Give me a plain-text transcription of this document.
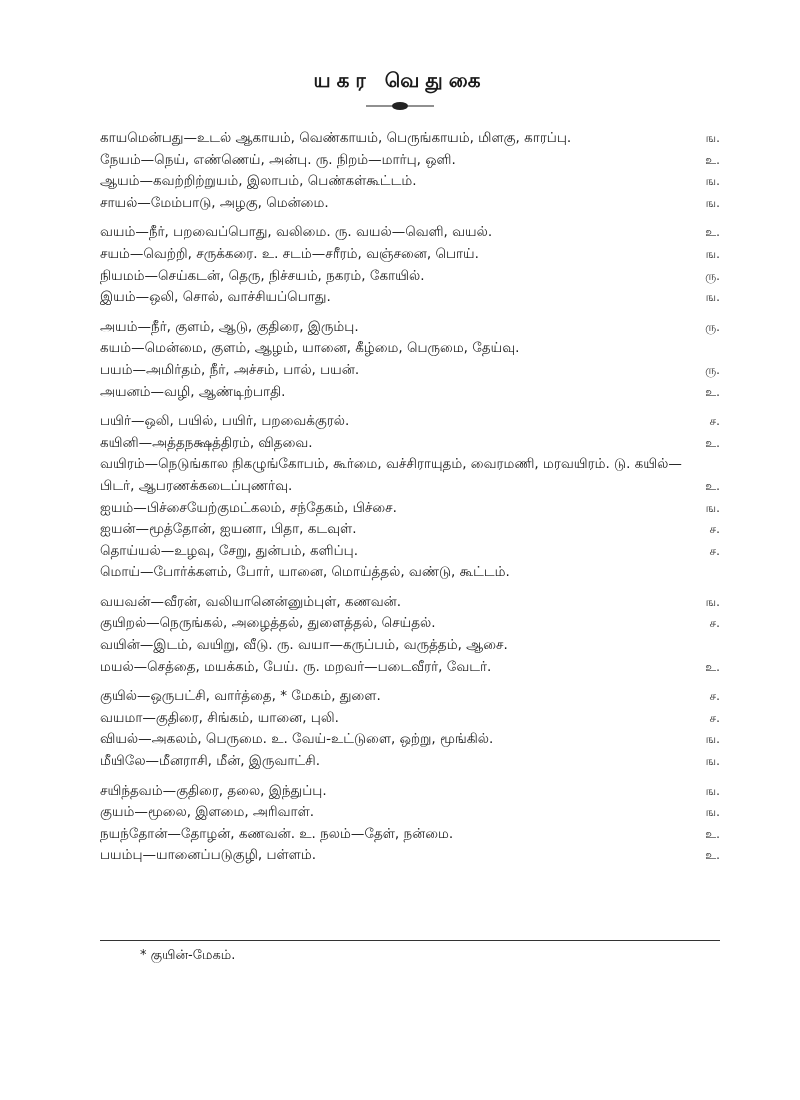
யகர வெதுகை
காயமென்பது—உடல் ஆகாயம், வெண்காயம், பெருங்காயம், மிளகு, காரப்பு.	ங.
நேயம்—நெய், எண்ணெய், அன்பு. ரு. நிறம்—மார்பு, ஒளி.	உ.
ஆயம்—கவற்றிற்றுயம், இலாபம், பெண்கள்கூட்டம்.	ங.
சாயல்—மேம்பாடு, அழகு, மென்மை.	ங.
வயம்—நீர், பறவைப்பொது, வலிமை. ரு. வயல்—வெளி, வயல்.	உ.
சயம்—வெற்றி, சருக்கரை. உ. சடம்—சரீரம், வஞ்சனை, பொய்.	ங.
நியமம்—செய்கடன், தெரு, நிச்சயம், நகரம், கோயில்.	ரு.
இயம்—ஒலி, சொல், வாச்சியப்பொது.	ங.
அயம்—நீர், குளம், ஆடு, குதிரை, இரும்பு.	ரு.
கயம்—மென்மை, குளம், ஆழம், யானை, கீழ்மை, பெருமை, தேய்வு.
பயம்—அமிர்தம், நீர், அச்சம், பால், பயன்.	ரு.
அயனம்—வழி, ஆண்டிற்பாதி.	உ.
பயிர்—ஒலி, பயில், பயிர், பறவைக்குரல்.	ச.
கயினி—அத்தநக்ஷத்திரம், விதவை.	உ.
வயிரம்—நெடுங்கால நிகழுங்கோபம், கூர்மை, வச்சிராயுதம், வைரமணி, மரவயிரம். டு. கயில்—பிடர், ஆபரணக்கடைப்புணர்வு.	உ.
ஐயம்—பிச்சையேற்குமட்கலம், சந்தேகம், பிச்சை.	ங.
ஐயன்—மூத்தோன், ஐயனா, பிதா, கடவுள்.	ச.
தொய்யல்—உழவு, சேறு, துன்பம், களிப்பு.	ச.
மொய்—போர்க்களம், போர், யானை, மொய்த்தல், வண்டு, கூட்டம்.
வயவன்—வீரன், வலியானென்னும்புள், கணவன்.	ங.
குயிறல்—நெருங்கல், அழைத்தல், துளைத்தல், செய்தல்.	ச.
வயின்—இடம், வயிறு, வீடு. ரு. வயா—கருப்பம், வருத்தம், ஆசை.
மயல்—செத்தை, மயக்கம், பேய். ரு. மறவர்—படைவீரர், வேடர்.	உ.
குயில்—ஒருபட்சி, வார்த்தை, * மேகம், துளை.	ச.
வயமா—குதிரை, சிங்கம், யானை, புலி.	ச.
வியல்—அகலம், பெருமை. உ. வேய்-உட்டுளை, ஒற்று, மூங்கில்.	ங.
மீயிலே—மீனராசி, மீன், இருவாட்சி.	ங.
சயிந்தவம்—குதிரை, தலை, இந்துப்பு.	ங.
குயம்—மூலை, இளமை, அரிவாள்.	ங.
நயந்தோன்—தோழன், கணவன். உ. நலம்—தேள், நன்மை.	உ.
பயம்பு—யானைப்படுகுழி, பள்ளம்.	உ.
* குயின்-மேகம்.
